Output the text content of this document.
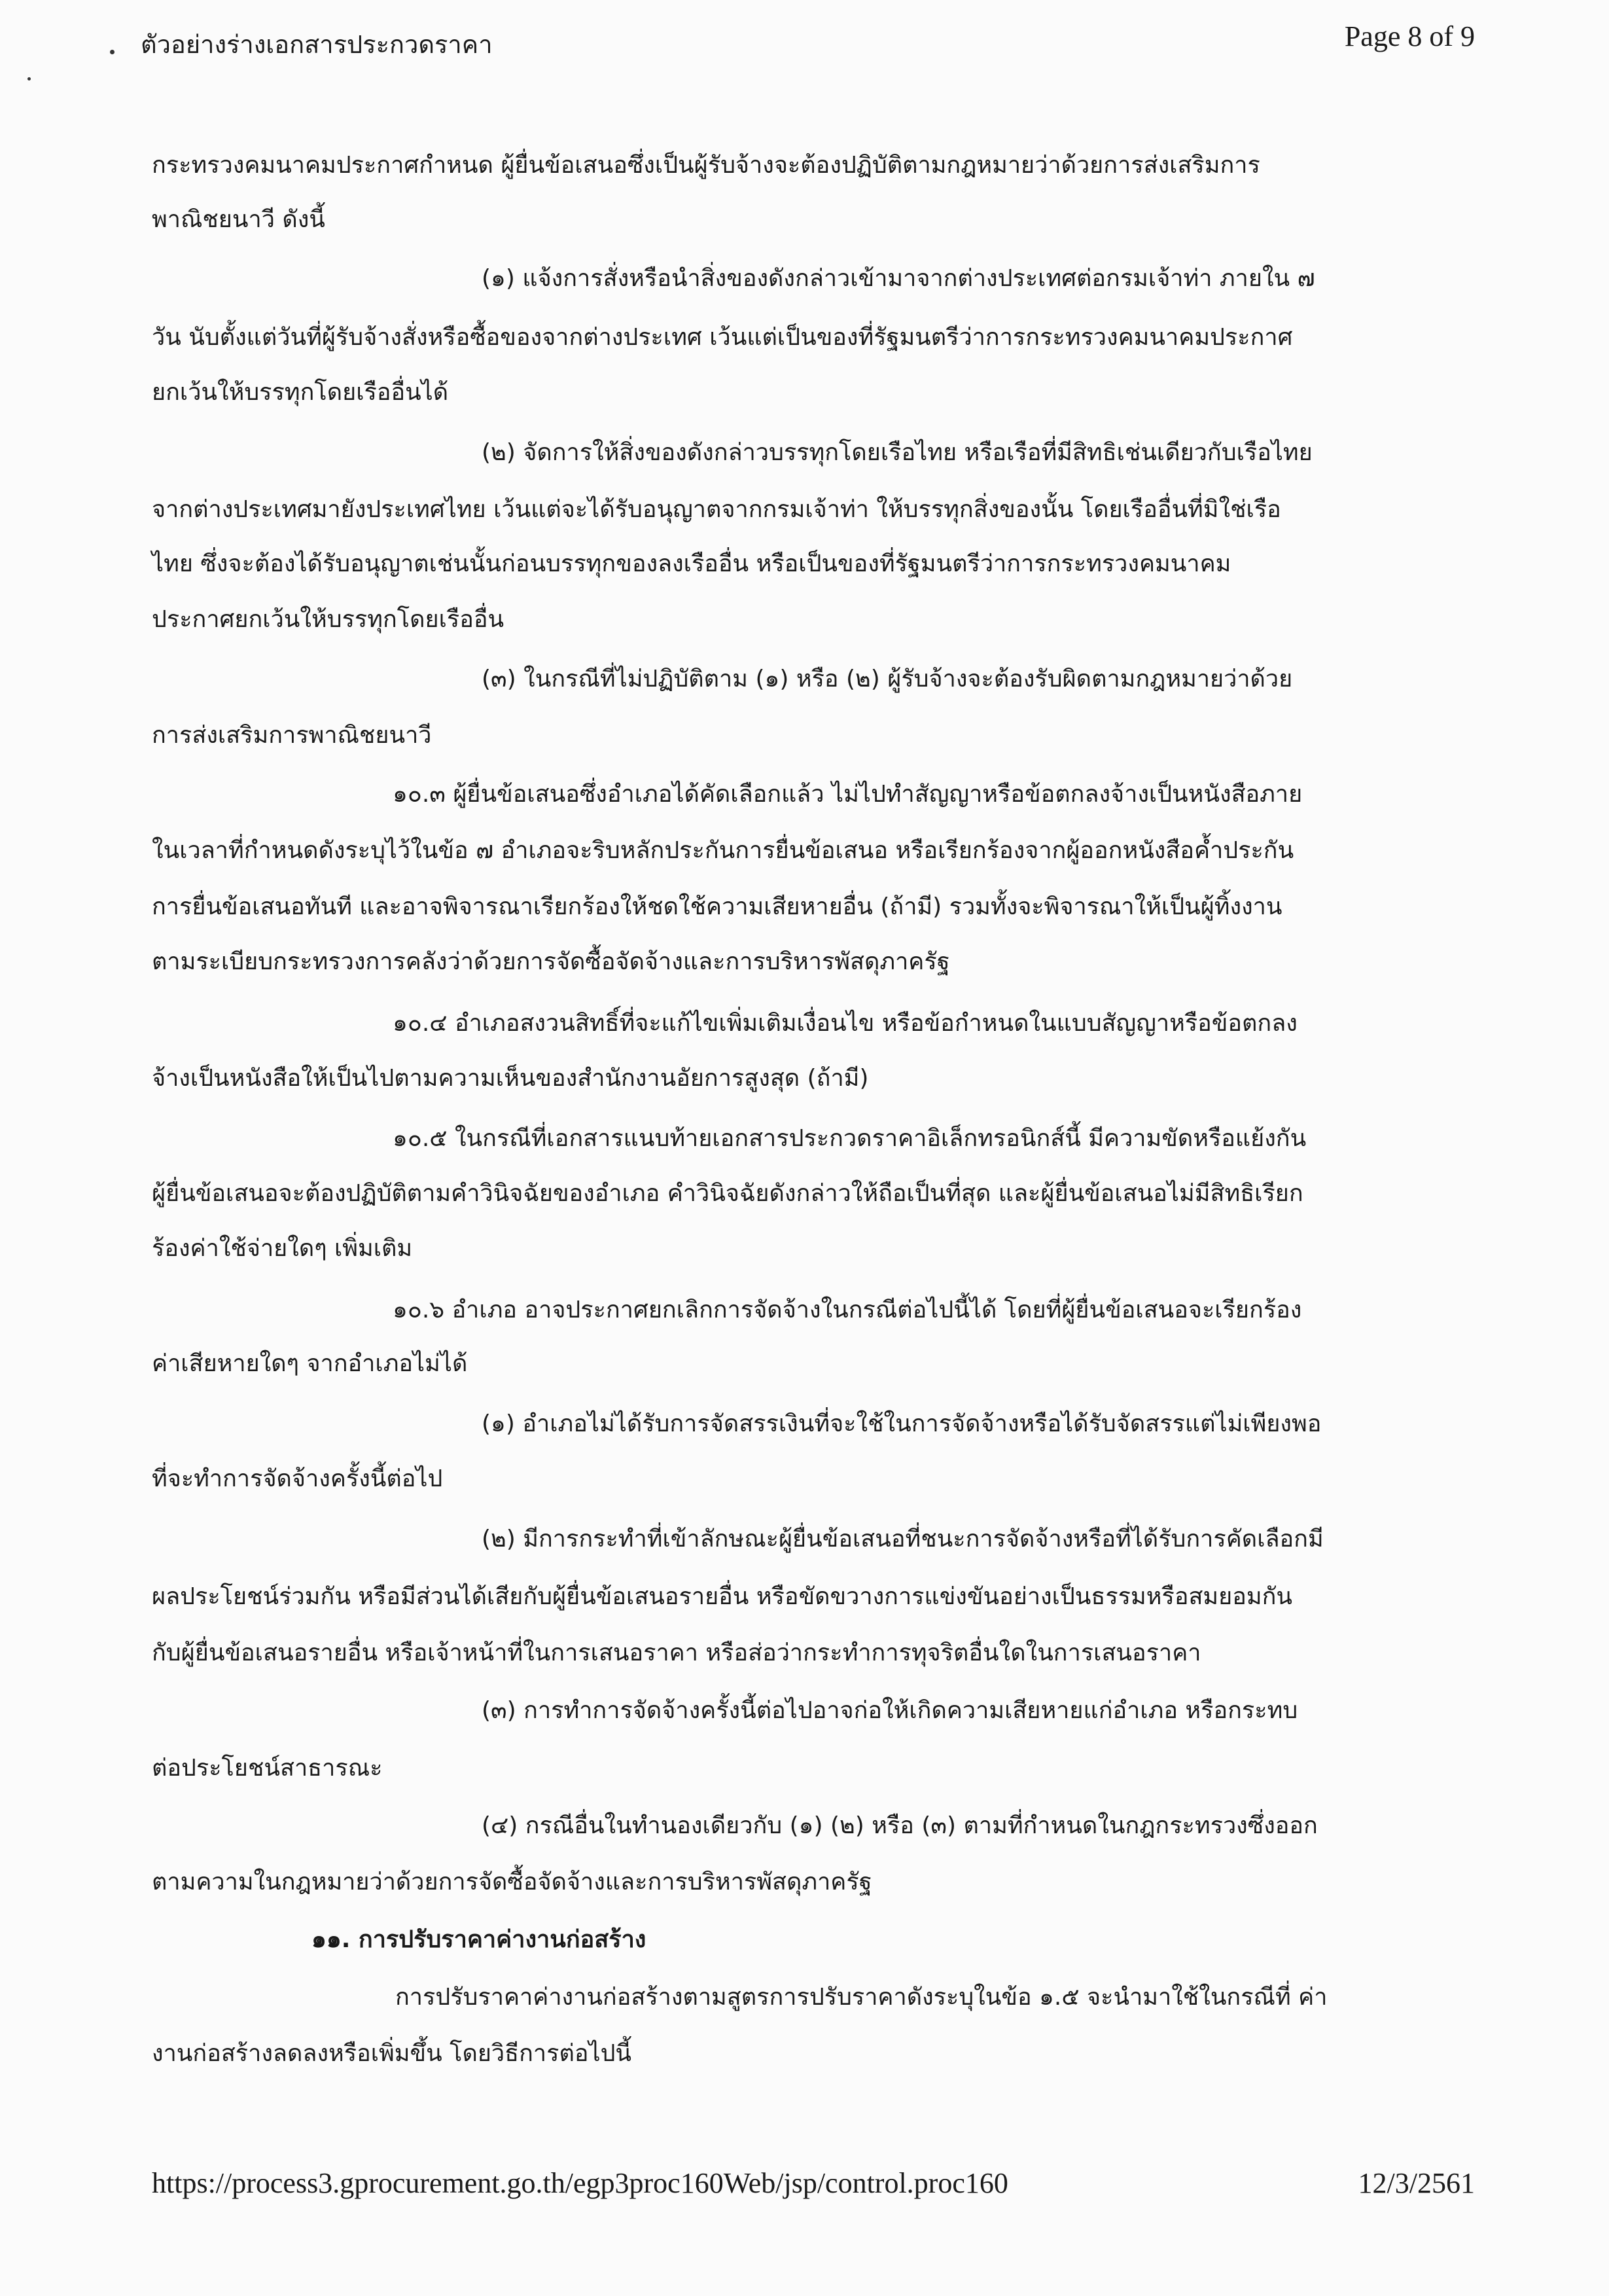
ตัวอย่างร่างเอกสารประกวดราคา	Page 8 of 9
กระทรวงคมนาคมประกาศกำหนด ผู้ยื่นข้อเสนอซึ่งเป็นผู้รับจ้างจะต้องปฏิบัติตามกฎหมายว่าด้วยการส่งเสริมการ
พาณิชยนาวี ดังนี้
(๑) แจ้งการสั่งหรือนำสิ่งของดังกล่าวเข้ามาจากต่างประเทศต่อกรมเจ้าท่า ภายใน ๗
วัน นับตั้งแต่วันที่ผู้รับจ้างสั่งหรือซื้อของจากต่างประเทศ เว้นแต่เป็นของที่รัฐมนตรีว่าการกระทรวงคมนาคมประกาศ
ยกเว้นให้บรรทุกโดยเรืออื่นได้
(๒) จัดการให้สิ่งของดังกล่าวบรรทุกโดยเรือไทย หรือเรือที่มีสิทธิเช่นเดียวกับเรือไทย
จากต่างประเทศมายังประเทศไทย เว้นแต่จะได้รับอนุญาตจากกรมเจ้าท่า ให้บรรทุกสิ่งของนั้น โดยเรืออื่นที่มิใช่เรือ
ไทย ซึ่งจะต้องได้รับอนุญาตเช่นนั้นก่อนบรรทุกของลงเรืออื่น หรือเป็นของที่รัฐมนตรีว่าการกระทรวงคมนาคม
ประกาศยกเว้นให้บรรทุกโดยเรืออื่น
(๓) ในกรณีที่ไม่ปฏิบัติตาม (๑) หรือ (๒) ผู้รับจ้างจะต้องรับผิดตามกฎหมายว่าด้วย
การส่งเสริมการพาณิชยนาวี
๑๐.๓ ผู้ยื่นข้อเสนอซึ่งอำเภอได้คัดเลือกแล้ว ไม่ไปทำสัญญาหรือข้อตกลงจ้างเป็นหนังสือภาย
ในเวลาที่กำหนดดังระบุไว้ในข้อ ๗ อำเภอจะริบหลักประกันการยื่นข้อเสนอ หรือเรียกร้องจากผู้ออกหนังสือค้ำประกัน
การยื่นข้อเสนอทันที และอาจพิจารณาเรียกร้องให้ชดใช้ความเสียหายอื่น (ถ้ามี) รวมทั้งจะพิจารณาให้เป็นผู้ทิ้งงาน
ตามระเบียบกระทรวงการคลังว่าด้วยการจัดซื้อจัดจ้างและการบริหารพัสดุภาครัฐ
๑๐.๔ อำเภอสงวนสิทธิ์ที่จะแก้ไขเพิ่มเติมเงื่อนไข หรือข้อกำหนดในแบบสัญญาหรือข้อตกลง
จ้างเป็นหนังสือให้เป็นไปตามความเห็นของสำนักงานอัยการสูงสุด (ถ้ามี)
๑๐.๕ ในกรณีที่เอกสารแนบท้ายเอกสารประกวดราคาอิเล็กทรอนิกส์นี้ มีความขัดหรือแย้งกัน
ผู้ยื่นข้อเสนอจะต้องปฏิบัติตามคำวินิจฉัยของอำเภอ คำวินิจฉัยดังกล่าวให้ถือเป็นที่สุด และผู้ยื่นข้อเสนอไม่มีสิทธิเรียก
ร้องค่าใช้จ่ายใดๆ เพิ่มเติม
๑๐.๖ อำเภอ อาจประกาศยกเลิกการจัดจ้างในกรณีต่อไปนี้ได้ โดยที่ผู้ยื่นข้อเสนอจะเรียกร้อง
ค่าเสียหายใดๆ จากอำเภอไม่ได้
(๑) อำเภอไม่ได้รับการจัดสรรเงินที่จะใช้ในการจัดจ้างหรือได้รับจัดสรรแต่ไม่เพียงพอ
ที่จะทำการจัดจ้างครั้งนี้ต่อไป
(๒) มีการกระทำที่เข้าลักษณะผู้ยื่นข้อเสนอที่ชนะการจัดจ้างหรือที่ได้รับการคัดเลือกมี
ผลประโยชน์ร่วมกัน หรือมีส่วนได้เสียกับผู้ยื่นข้อเสนอรายอื่น หรือขัดขวางการแข่งขันอย่างเป็นธรรมหรือสมยอมกัน
กับผู้ยื่นข้อเสนอรายอื่น หรือเจ้าหน้าที่ในการเสนอราคา หรือส่อว่ากระทำการทุจริตอื่นใดในการเสนอราคา
(๓) การทำการจัดจ้างครั้งนี้ต่อไปอาจก่อให้เกิดความเสียหายแก่อำเภอ หรือกระทบ
ต่อประโยชน์สาธารณะ
(๔) กรณีอื่นในทำนองเดียวกับ (๑) (๒) หรือ (๓) ตามที่กำหนดในกฎกระทรวงซึ่งออก
ตามความในกฎหมายว่าด้วยการจัดซื้อจัดจ้างและการบริหารพัสดุภาครัฐ
๑๑. การปรับราคาค่างานก่อสร้าง
การปรับราคาค่างานก่อสร้างตามสูตรการปรับราคาดังระบุในข้อ ๑.๕ จะนำมาใช้ในกรณีที่ ค่า
งานก่อสร้างลดลงหรือเพิ่มขึ้น โดยวิธีการต่อไปนี้
https://process3.gprocurement.go.th/egp3proc160Web/jsp/control.proc160	12/3/2561
